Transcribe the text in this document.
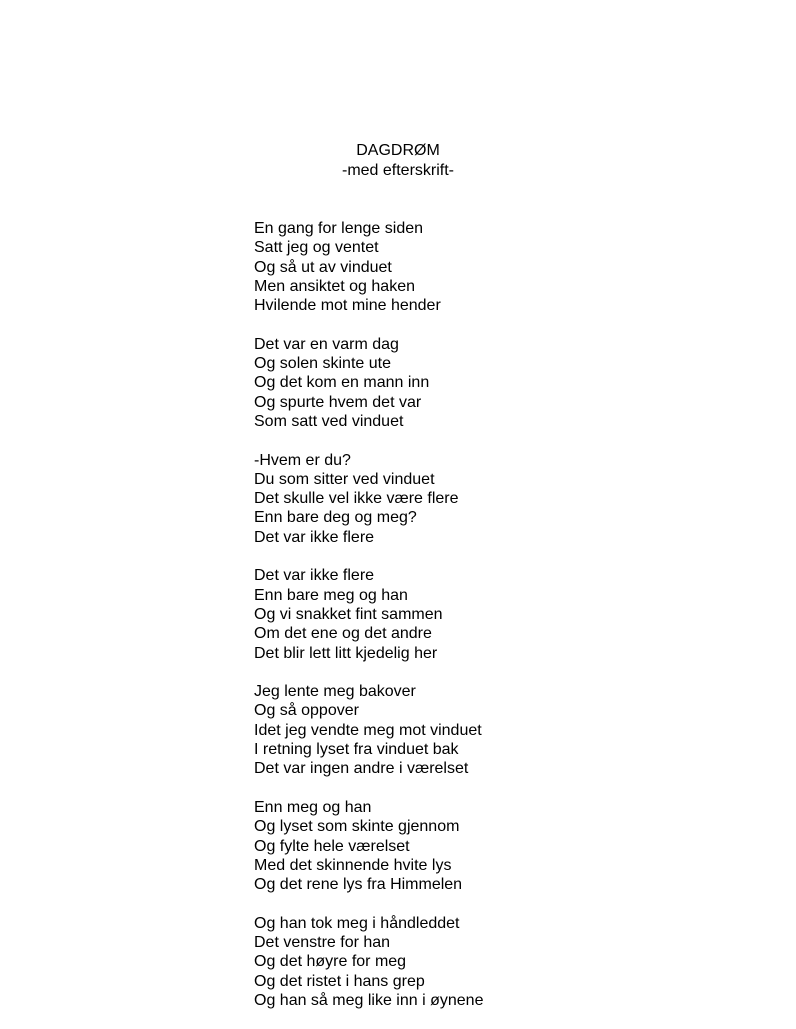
DAGDRØM
-med efterskrift-
En gang for lenge siden
Satt jeg og ventet
Og så ut av vinduet
Men ansiktet og haken
Hvilende mot mine hender
Det var en varm dag
Og solen skinte ute
Og det kom en mann inn
Og spurte hvem det var
Som satt ved vinduet
-Hvem er du?
Du som sitter ved vinduet
Det skulle vel ikke være flere
Enn bare deg og meg?
Det var ikke flere
Det var ikke flere
Enn bare meg og han
Og vi snakket fint sammen
Om det ene og det andre
Det blir lett litt kjedelig her
Jeg lente meg bakover
Og så oppover
Idet jeg vendte meg mot vinduet
I retning lyset fra vinduet bak
Det var ingen andre i værelset
Enn meg og han
Og lyset som skinte gjennom
Og fylte hele værelset
Med det skinnende hvite lys
Og det rene lys fra Himmelen
Og han tok meg i håndleddet
Det venstre for han
Og det høyre for meg
Og det ristet i hans grep
Og han så meg like inn i øynene
